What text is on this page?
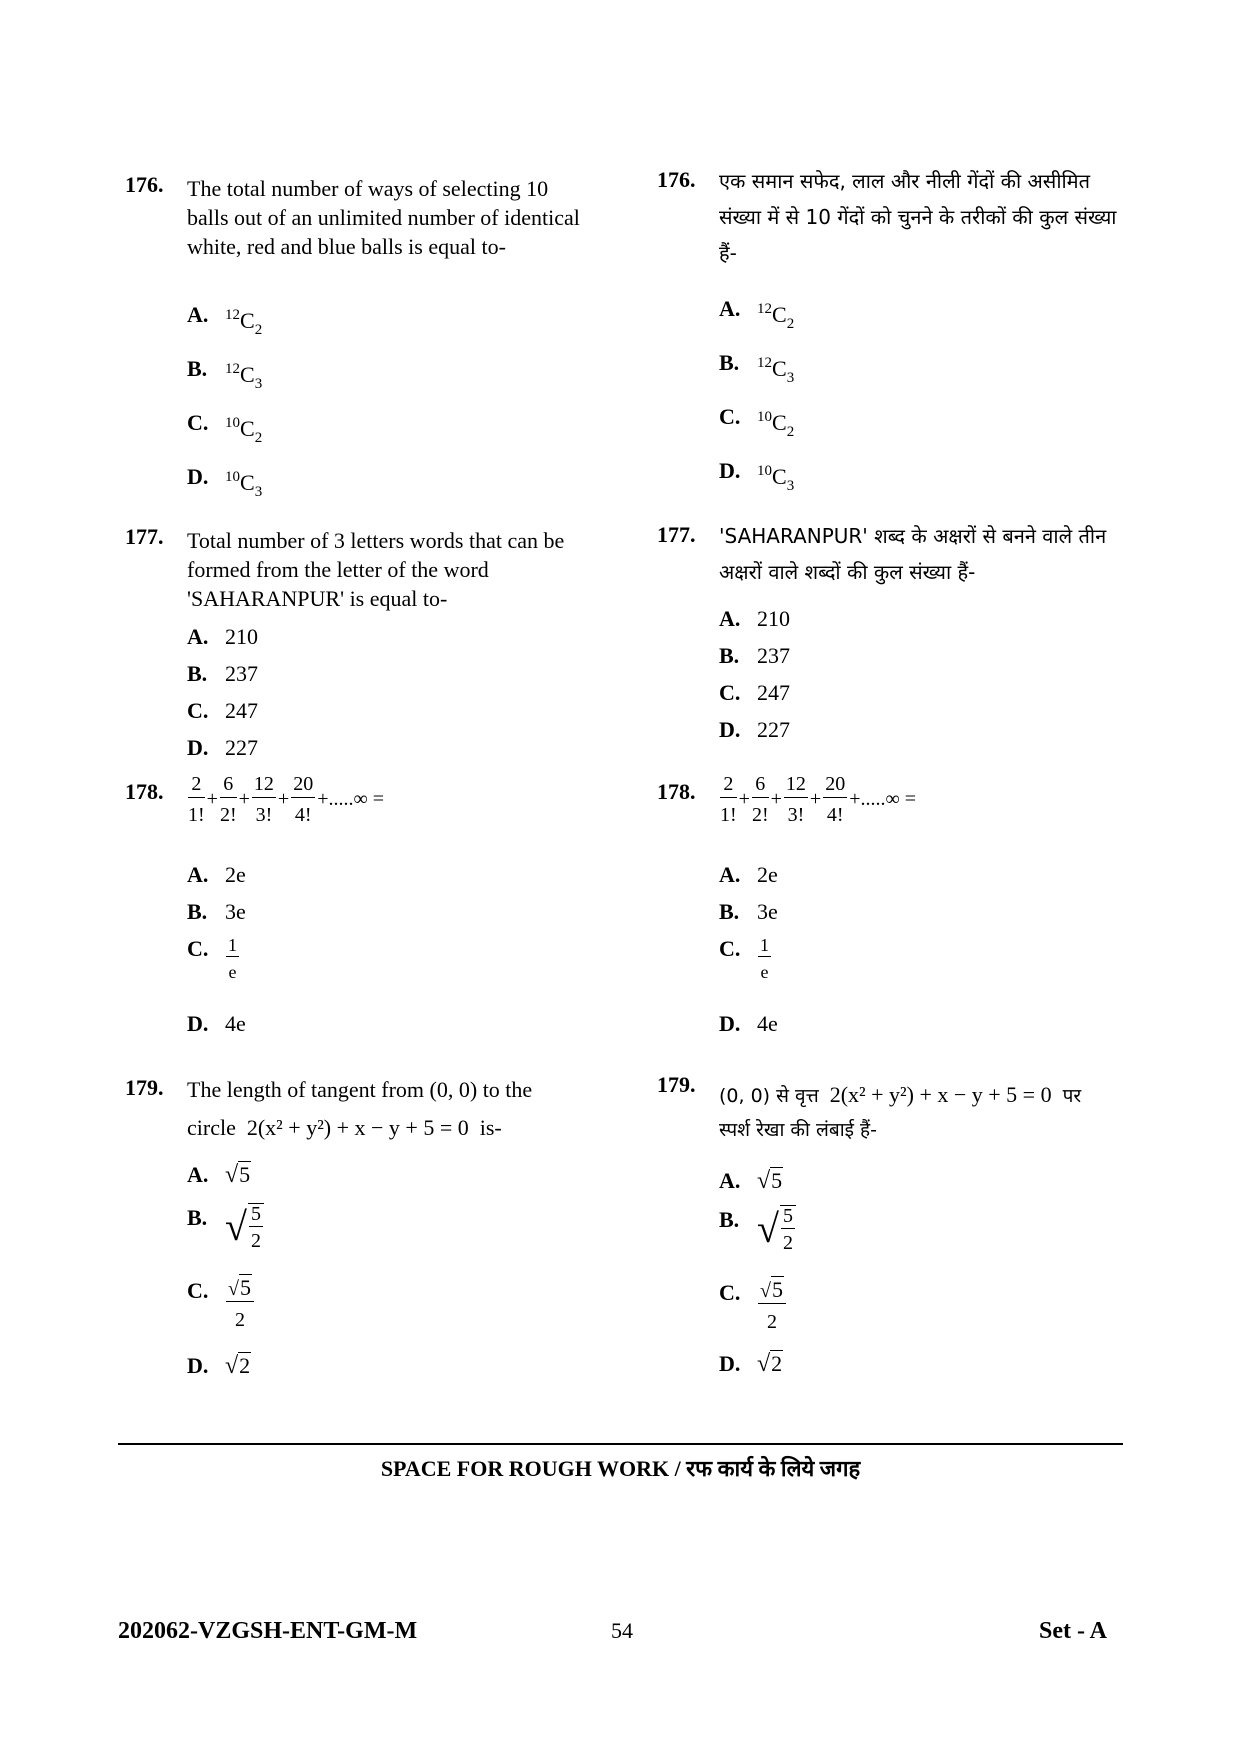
176. The total number of ways of selecting 10 balls out of an unlimited number of identical white, red and blue balls is equal to-
A. $^{12}C_2$
B. $^{12}C_3$
C. $^{10}C_2$
D. $^{10}C_3$
177. Total number of 3 letters words that can be formed from the letter of the word 'SAHARANPUR' is equal to-
A. 210
B. 237
C. 247
D. 227
178. $\frac{2}{1!} + \frac{6}{2!} + \frac{12}{3!} + \frac{20}{4!}$ +.....∞ =
A. 2e
B. 3e
C. $\frac{1}{e}$
D. 4e
179. The length of tangent from (0, 0) to the
circle 2(x² + y²) + x − y + 5 = 0 is-
A. √5
B. √ $\frac{5}{2}$
C. $\frac{√5}{2}$
D. √2
176. एक समान सफेद, लाल और नीली गेंदों की असीमित संख्या में से 10 गेंदों को चुनने के तरीकों की कुल संख्या हैं-
A. $^{12}C_2$
B. $^{12}C_3$
C. $^{10}C_2$
D. $^{10}C_3$
177. 'SAHARANPUR' शब्द के अक्षरों से बनने वाले तीन अक्षरों वाले शब्दों की कुल संख्या हैं-
A. 210
B. 237
C. 247
D. 227
178. $\frac{2}{1!} + \frac{6}{2!} + \frac{12}{3!} + \frac{20}{4!}$ +.....∞ =
A. 2e
B. 3e
C. $\frac{1}{e}$
D. 4e
179. (0, 0) से वृत्त 2(x² + y²) + x − y + 5 = 0 पर
स्पर्श रेखा की लंबाई हैं-
A. √5
B. √ $\frac{5}{2}$
C. $\frac{√5}{2}$
D. √2
SPACE FOR ROUGH WORK / रफ कार्य के लिये जगह
202062-VZGSH-ENT-GM-M	54	Set - A
